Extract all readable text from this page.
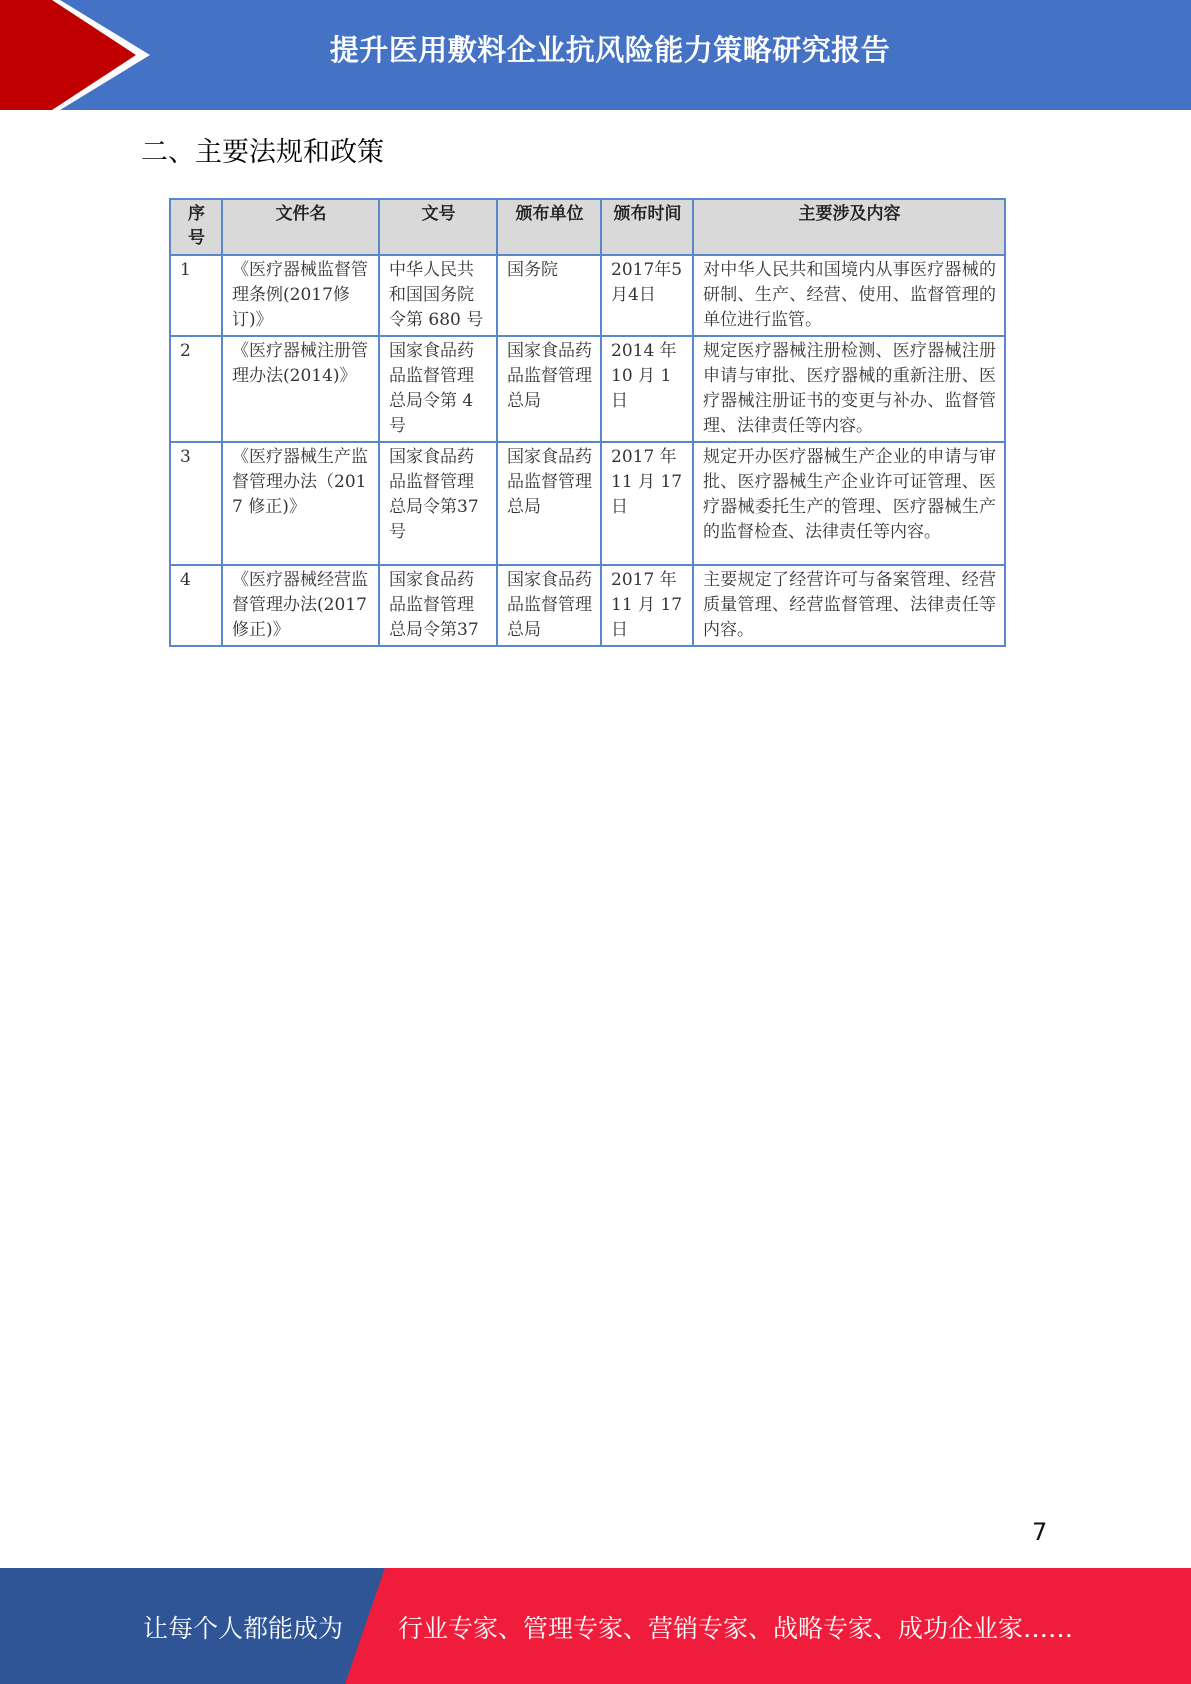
提升医用敷料企业抗风险能力策略研究报告
二、主要法规和政策
序号	文件名	文号	颁布单位	颁布时间	主要涉及内容
1	《医疗器械监督管理条例(2017修订)》	中华人民共和国国务院令第 680 号	国务院	2017年5月4日	对中华人民共和国境内从事医疗器械的研制、生产、经营、使用、监督管理的单位进行监管。
2	《医疗器械注册管理办法(2014)》	国家食品药品监督管理总局令第 4 号	国家食品药品监督管理总局	2014 年 10 月 1 日	规定医疗器械注册检测、医疗器械注册申请与审批、医疗器械的重新注册、医疗器械注册证书的变更与补办、监督管理、法律责任等内容。
3	《医疗器械生产监督管理办法（2017 修正)》	国家食品药品监督管理总局令第37号	国家食品药品监督管理总局	2017 年 11 月 17 日	规定开办医疗器械生产企业的申请与审批、医疗器械生产企业许可证管理、医疗器械委托生产的管理、医疗器械生产的监督检查、法律责任等内容。
4	《医疗器械经营监督管理办法(2017 修正)》	国家食品药品监督管理总局令第37	国家食品药品监督管理总局	2017 年 11 月 17 日	主要规定了经营许可与备案管理、经营质量管理、经营监督管理、法律责任等内容。
7
让每个人都能成为 行业专家、管理专家、营销专家、战略专家、成功企业家……
